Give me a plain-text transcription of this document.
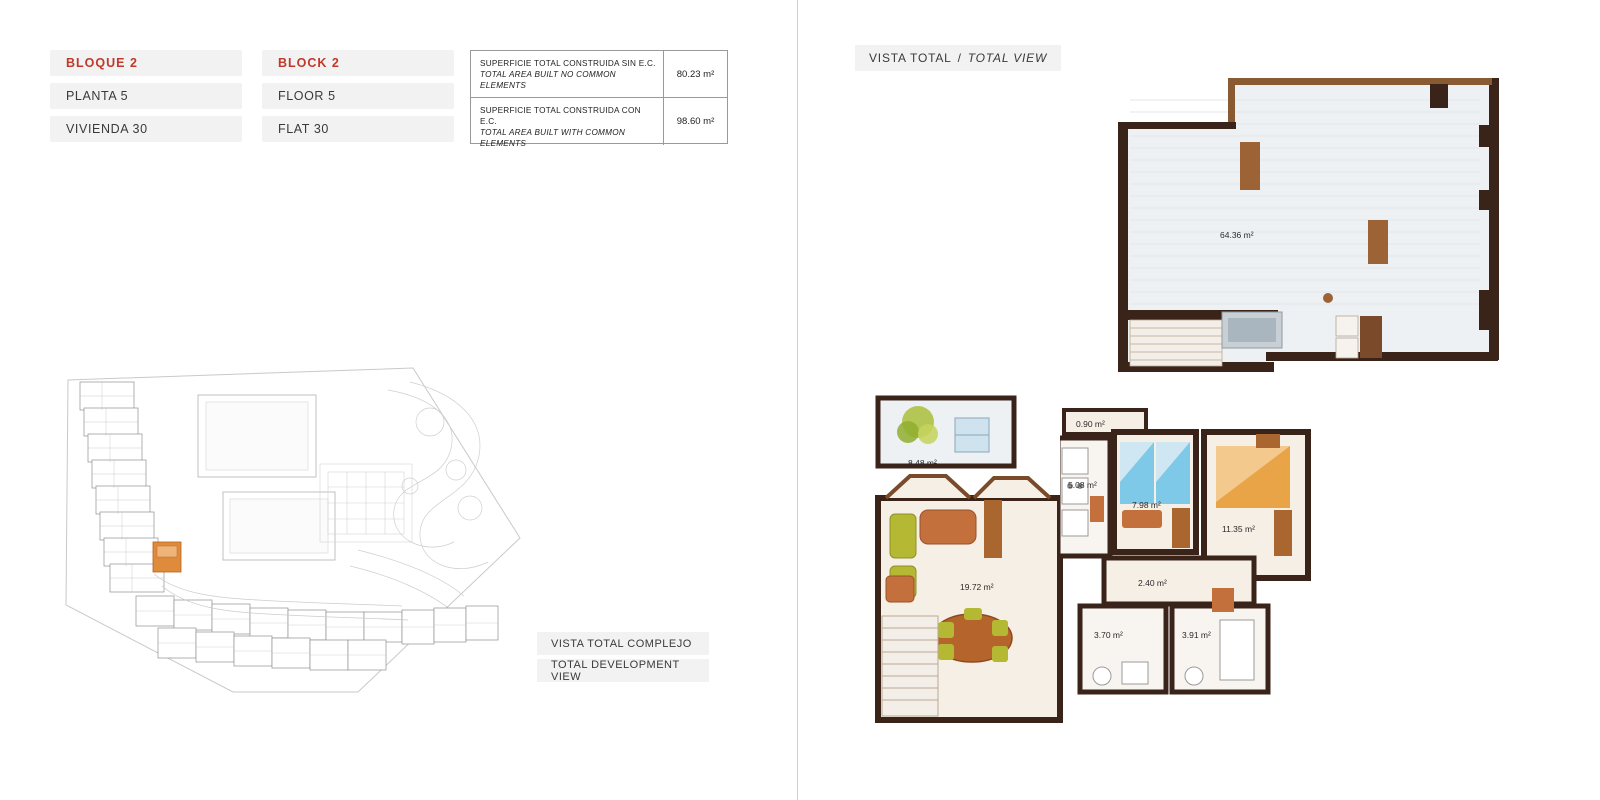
BLOQUE 2
PLANTA 5
VIVIENDA 30
BLOCK 2
FLOOR 5
FLAT 30
SUPERFICIE TOTAL CONSTRUIDA SIN E.C.
TOTAL AREA BUILT NO COMMON ELEMENTS
80.23 m²
SUPERFICIE TOTAL CONSTRUIDA CON E.C.
TOTAL AREA BUILT WITH COMMON ELEMENTS
98.60 m²
VISTA TOTAL COMPLEJO
TOTAL DEVELOPMENT VIEW
VISTA TOTAL / TOTAL VIEW
64.36 m²
8.48 m²
19.72 m²
0.90 m²
5.08 m²
7.98 m²
11.35 m²
2.40 m²
3.70 m²	3.91 m²
